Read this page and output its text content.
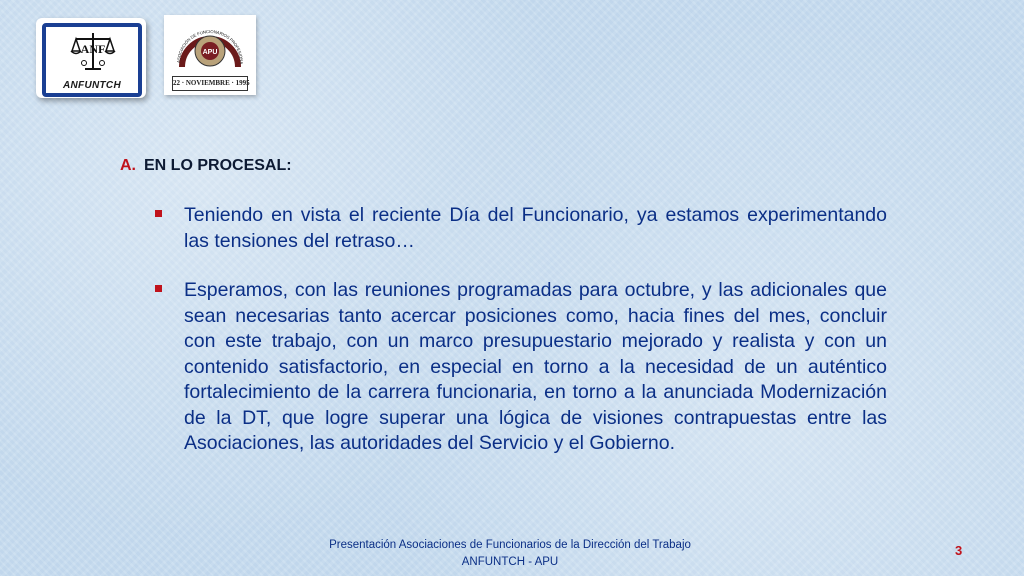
ANF
ANFUNTCH
ASOCIACIÓN DE FUNCIONARIOS PROFESIONA
APU
22 · NOVIEMBRE · 1995
A. EN LO PROCESAL:
Teniendo en vista el reciente Día del Funcionario, ya estamos experimentando las tensiones del retraso…
Esperamos, con las reuniones programadas para octubre, y las adicionales que sean necesarias tanto acercar posiciones como, hacia fines del mes, concluir con este trabajo, con un marco presupuestario mejorado y realista y con un contenido satisfactorio, en especial en torno a la necesidad de un auténtico fortalecimiento de la carrera funcionaria, en torno a la anunciada Modernización de la DT, que logre superar una lógica de visiones contrapuestas entre las Asociaciones, las autoridades del Servicio y el Gobierno.
Presentación Asociaciones de Funcionarios de la Dirección del Trabajo
ANFUNTCH - APU
3
